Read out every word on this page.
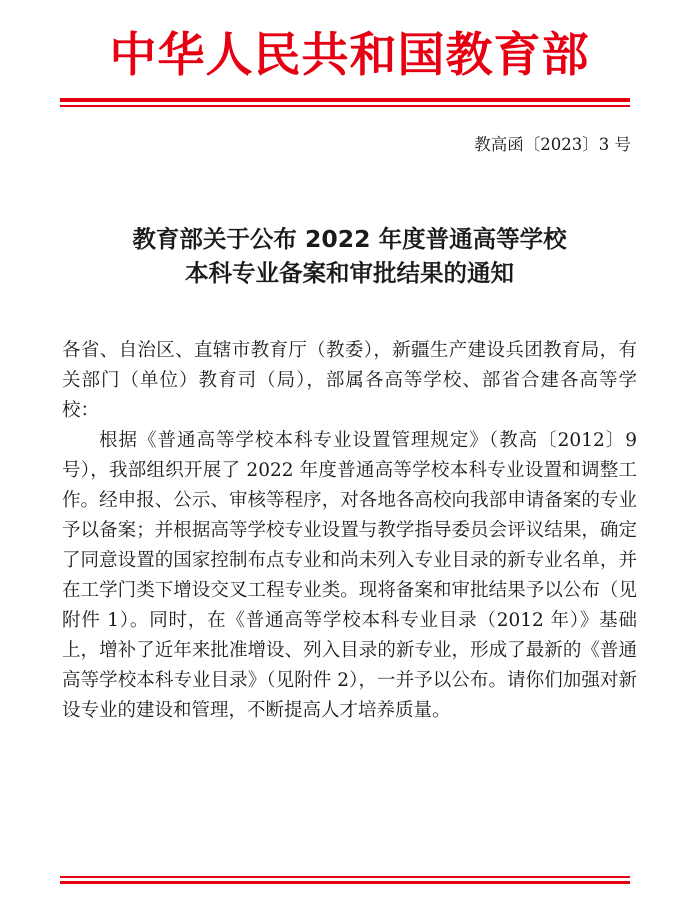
中华人民共和国教育部
教高函〔2023〕3 号
教育部关于公布 2022 年度普通高等学校
本科专业备案和审批结果的通知

各省、自治区、直辖市教育厅（教委），新疆生产建设兵团教育局，有关部门（单位）教育司（局），部属各高等学校、部省合建各高等学校：

根据《普通高等学校本科专业设置管理规定》（教高〔2012〕9 号），我部组织开展了 2022 年度普通高等学校本科专业设置和调整工作。经申报、公示、审核等程序，对各地各高校向我部申请备案的专业予以备案；并根据高等学校专业设置与教学指导委员会评议结果，确定了同意设置的国家控制布点专业和尚未列入专业目录的新专业名单，并在工学门类下增设交叉工程专业类。现将备案和审批结果予以公布（见附件 1）。同时，在《普通高等学校本科专业目录（2012 年）》基础上，增补了近年来批准增设、列入目录的新专业，形成了最新的《普通高等学校本科专业目录》（见附件 2），一并予以公布。请你们加强对新设专业的建设和管理，不断提高人才培养质量。
